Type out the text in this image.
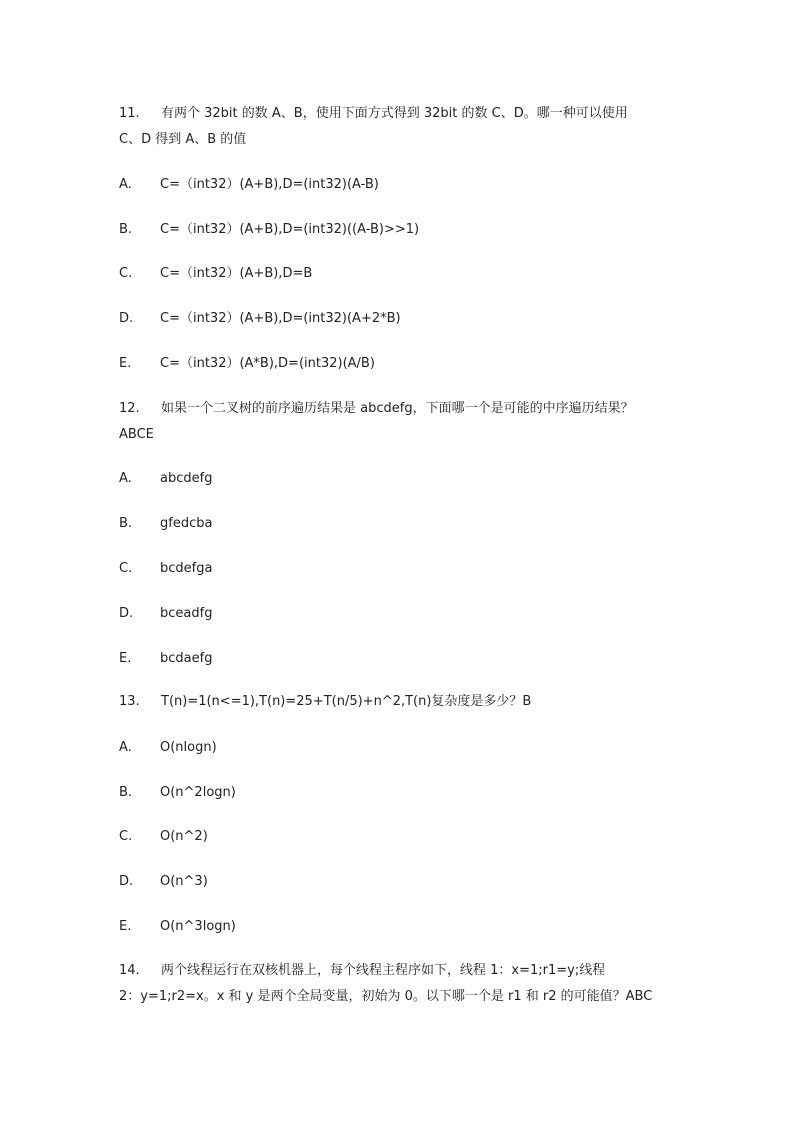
11. 有两个 32bit 的数 A、B，使用下面方式得到 32bit 的数 C、D。哪一种可以使用
C、D 得到 A、B 的值
A. C=（int32）(A+B),D=(int32)(A-B)
B. C=（int32）(A+B),D=(int32)((A-B)>>1)
C. C=（int32）(A+B),D=B
D. C=（int32）(A+B),D=(int32)(A+2*B)
E. C=（int32）(A*B),D=(int32)(A/B)
12. 如果一个二叉树的前序遍历结果是 abcdefg，下面哪一个是可能的中序遍历结果？
ABCE
A. abcdefg
B. gfedcba
C. bcdefga
D. bceadfg
E. bcdaefg
13. T(n)=1(n<=1),T(n)=25+T(n/5)+n^2,T(n)复杂度是多少？B
A. O(nlogn)
B. O(n^2logn)
C. O(n^2)
D. O(n^3)
E. O(n^3logn)
14. 两个线程运行在双核机器上，每个线程主程序如下，线程 1：x=1;r1=y;线程
2：y=1;r2=x。x 和 y 是两个全局变量，初始为 0。以下哪一个是 r1 和 r2 的可能值？ABC
